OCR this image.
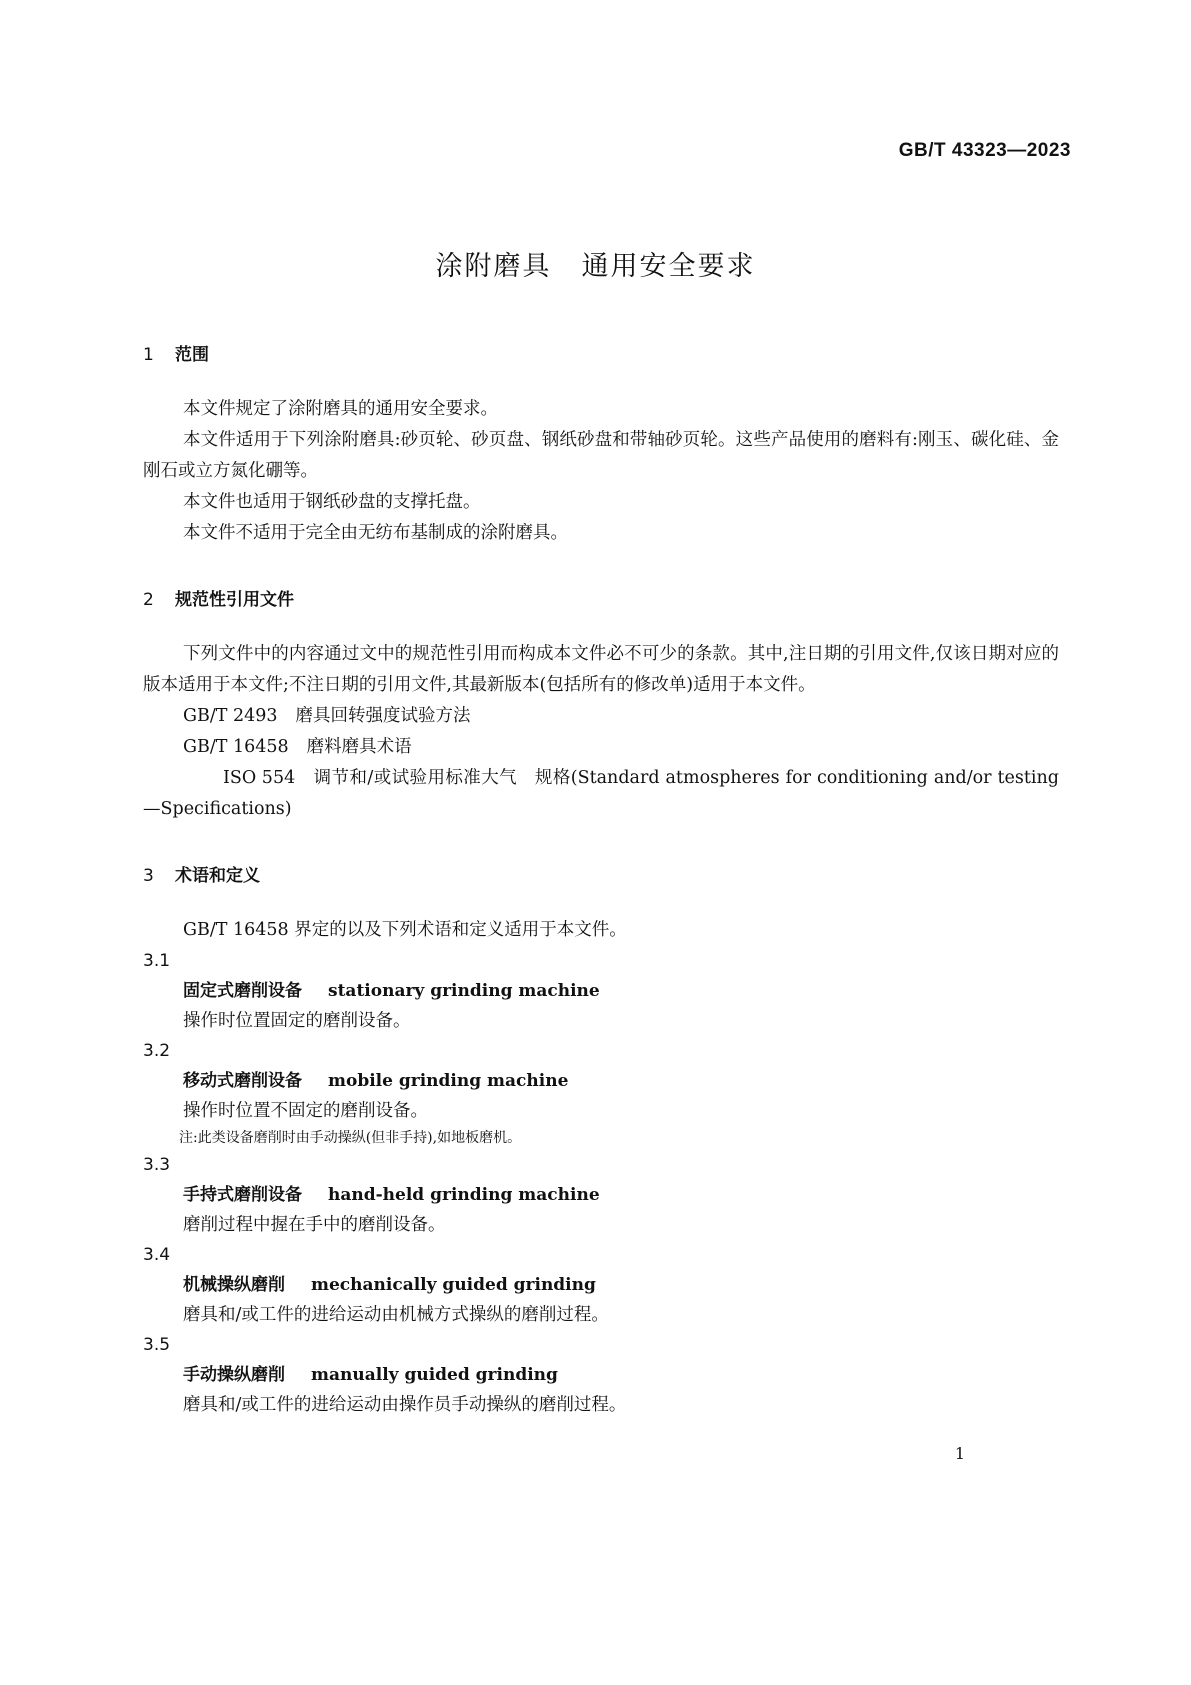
GB/T 43323—2023
涂附磨具 通用安全要求
1 范围

本文件规定了涂附磨具的通用安全要求。

本文件适用于下列涂附磨具:砂页轮、砂页盘、钢纸砂盘和带轴砂页轮。这些产品使用的磨料有:刚玉、碳化硅、金刚石或立方氮化硼等。

本文件也适用于钢纸砂盘的支撑托盘。

本文件不适用于完全由无纺布基制成的涂附磨具。

2 规范性引用文件

下列文件中的内容通过文中的规范性引用而构成本文件必不可少的条款。其中,注日期的引用文件,仅该日期对应的版本适用于本文件;不注日期的引用文件,其最新版本(包括所有的修改单)适用于本文件。

GB/T 2493 磨具回转强度试验方法

GB/T 16458 磨料磨具术语

ISO 554 调节和/或试验用标准大气　规格(Standard atmospheres for conditioning and/or testing—Specifications)

3 术语和定义

GB/T 16458 界定的以及下列术语和定义适用于本文件。

3.1
固定式磨削设备 stationary grinding machine

操作时位置固定的磨削设备。

3.2
移动式磨削设备 mobile grinding machine

操作时位置不固定的磨削设备。

注:此类设备磨削时由手动操纵(但非手持),如地板磨机。

3.3
手持式磨削设备 hand-held grinding machine

磨削过程中握在手中的磨削设备。

3.4
机械操纵磨削 mechanically guided grinding

磨具和/或工件的进给运动由机械方式操纵的磨削过程。

3.5
手动操纵磨削 manually guided grinding

磨具和/或工件的进给运动由操作员手动操纵的磨削过程。

1
